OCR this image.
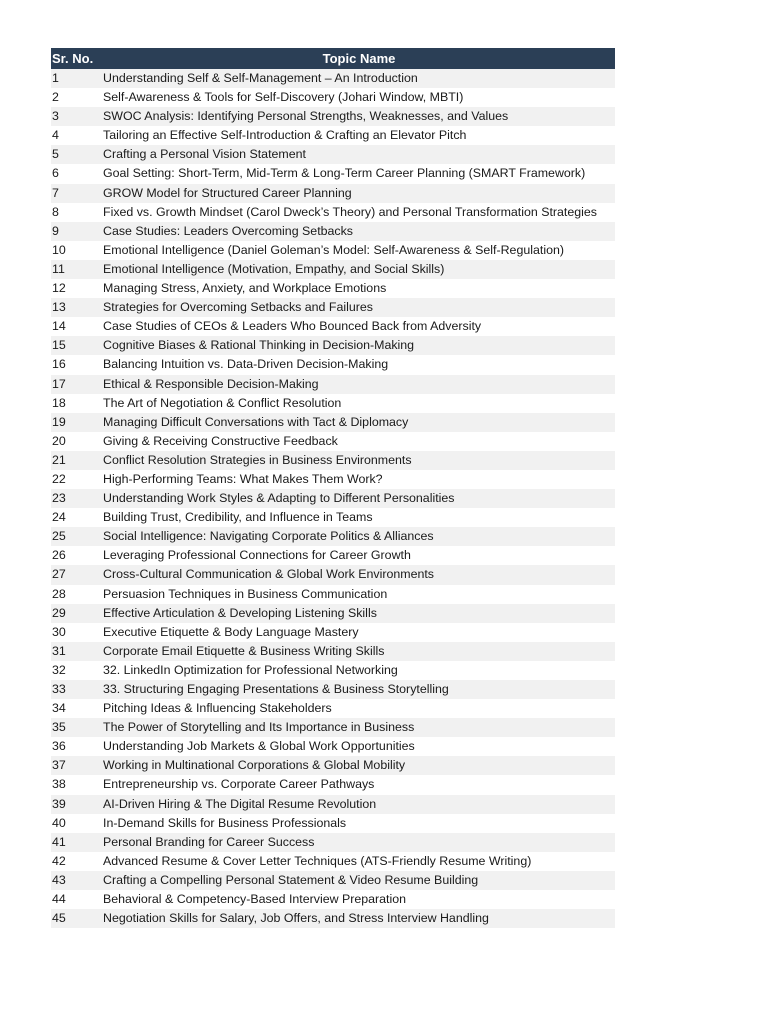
Sr. No.	Topic Name
1	Understanding Self & Self-Management – An Introduction
2	Self-Awareness & Tools for Self-Discovery (Johari Window, MBTI)
3	SWOC Analysis: Identifying Personal Strengths, Weaknesses, and Values
4	Tailoring an Effective Self-Introduction & Crafting an Elevator Pitch
5	Crafting a Personal Vision Statement
6	Goal Setting: Short-Term, Mid-Term & Long-Term Career Planning (SMART Framework)
7	GROW Model for Structured Career Planning
8	Fixed vs. Growth Mindset (Carol Dweck’s Theory) and Personal Transformation Strategies
9	Case Studies: Leaders Overcoming Setbacks
10	Emotional Intelligence (Daniel Goleman’s Model: Self-Awareness & Self-Regulation)
11	Emotional Intelligence (Motivation, Empathy, and Social Skills)
12	Managing Stress, Anxiety, and Workplace Emotions
13	Strategies for Overcoming Setbacks and Failures
14	Case Studies of CEOs & Leaders Who Bounced Back from Adversity
15	Cognitive Biases & Rational Thinking in Decision-Making
16	Balancing Intuition vs. Data-Driven Decision-Making
17	Ethical & Responsible Decision-Making
18	The Art of Negotiation & Conflict Resolution
19	Managing Difficult Conversations with Tact & Diplomacy
20	Giving & Receiving Constructive Feedback
21	Conflict Resolution Strategies in Business Environments
22	High-Performing Teams: What Makes Them Work?
23	Understanding Work Styles & Adapting to Different Personalities
24	Building Trust, Credibility, and Influence in Teams
25	Social Intelligence: Navigating Corporate Politics & Alliances
26	Leveraging Professional Connections for Career Growth
27	Cross-Cultural Communication & Global Work Environments
28	Persuasion Techniques in Business Communication
29	Effective Articulation & Developing Listening Skills
30	Executive Etiquette & Body Language Mastery
31	Corporate Email Etiquette & Business Writing Skills
32	32. LinkedIn Optimization for Professional Networking
33	33. Structuring Engaging Presentations & Business Storytelling
34	Pitching Ideas & Influencing Stakeholders
35	The Power of Storytelling and Its Importance in Business
36	Understanding Job Markets & Global Work Opportunities
37	Working in Multinational Corporations & Global Mobility
38	Entrepreneurship vs. Corporate Career Pathways
39	AI-Driven Hiring & The Digital Resume Revolution
40	In-Demand Skills for Business Professionals
41	Personal Branding for Career Success
42	Advanced Resume & Cover Letter Techniques (ATS-Friendly Resume Writing)
43	Crafting a Compelling Personal Statement & Video Resume Building
44	Behavioral & Competency-Based Interview Preparation
45	Negotiation Skills for Salary, Job Offers, and Stress Interview Handling
